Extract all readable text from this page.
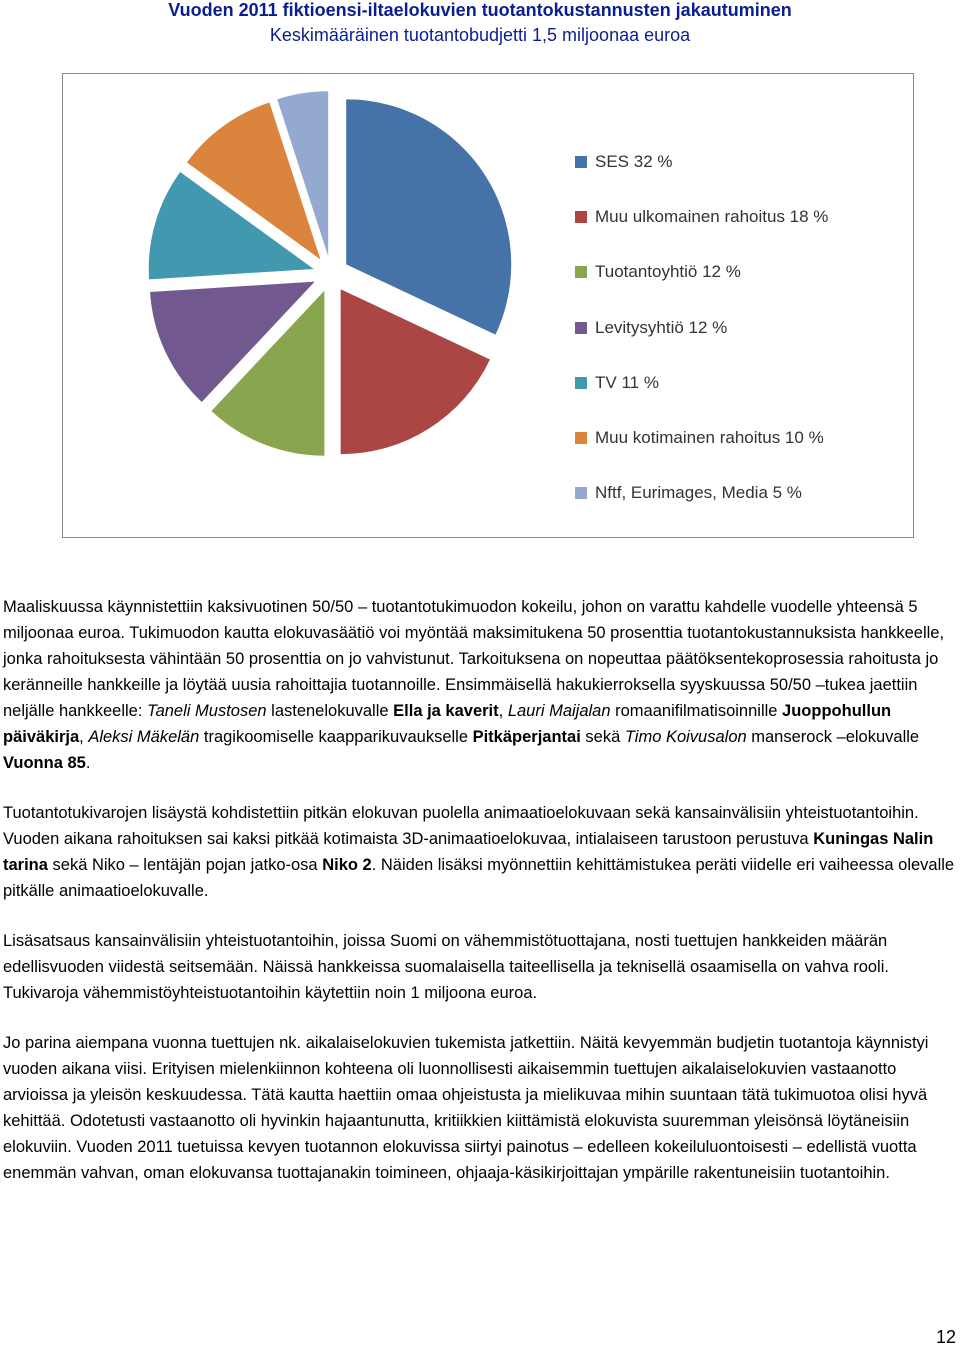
Vuoden 2011 fiktioensi-iltaelokuvien tuotantokustannusten jakautuminen
Keskimääräinen tuotantobudjetti 1,5 miljoonaa euroa
SES 32 %
Muu ulkomainen rahoitus 18 %
Tuotantoyhtiö 12 %
Levitysyhtiö 12 %
TV 11 %
Muu kotimainen rahoitus 10 %
Nftf, Eurimages, Media 5 %

Maaliskuussa käynnistettiin kaksivuotinen 50/50 – tuotantotukimuodon kokeilu, johon on varattu kahdelle vuodelle yhteensä 5 miljoonaa euroa. Tukimuodon kautta elokuvasäätiö voi myöntää maksimitukena 50 prosenttia tuotantokustannuksista hankkeelle, jonka rahoituksesta vähintään 50 prosenttia on jo vahvistunut. Tarkoituksena on nopeuttaa päätöksentekoprosessia rahoitusta jo keränneille hankkeille ja löytää uusia rahoittajia tuotannoille. Ensimmäisellä hakukierroksella syyskuussa 50/50 –tukea jaettiin neljälle hankkeelle: Taneli Mustosen lastenelokuvalle Ella ja kaverit, Lauri Maijalan romaanifilmatisoinnille Juoppohullun päiväkirja, Aleksi Mäkelän tragikoomiselle kaapparikuvaukselle Pitkäperjantai sekä Timo Koivusalon manserock –elokuvalle Vuonna 85.

Tuotantotukivarojen lisäystä kohdistettiin pitkän elokuvan puolella animaatioelokuvaan sekä kansainvälisiin yhteistuotantoihin. Vuoden aikana rahoituksen sai kaksi pitkää kotimaista 3D-animaatioelokuvaa, intialaiseen tarustoon perustuva Kuningas Nalin tarina sekä Niko – lentäjän pojan jatko-osa Niko 2. Näiden lisäksi myönnettiin kehittämistukea peräti viidelle eri vaiheessa olevalle pitkälle animaatioelokuvalle.

Lisäsatsaus kansainvälisiin yhteistuotantoihin, joissa Suomi on vähemmistötuottajana, nosti tuettujen hankkeiden määrän edellisvuoden viidestä seitsemään. Näissä hankkeissa suomalaisella taiteellisella ja teknisellä osaamisella on vahva rooli. Tukivaroja vähemmistöyhteistuotantoihin käytettiin noin 1 miljoona euroa.

Jo parina aiempana vuonna tuettujen nk. aikalaiselokuvien tukemista jatkettiin. Näitä kevyemmän budjetin tuotantoja käynnistyi vuoden aikana viisi. Erityisen mielenkiinnon kohteena oli luonnollisesti aikaisemmin tuettujen aikalaiselokuvien vastaanotto arvioissa ja yleisön keskuudessa. Tätä kautta haettiin omaa ohjeistusta ja mielikuvaa mihin suuntaan tätä tukimuotoa olisi hyvä kehittää. Odotetusti vastaanotto oli hyvinkin hajaantunutta, kritiikkien kiittämistä elokuvista suuremman yleisönsä löytäneisiin elokuviin. Vuoden 2011 tuetuissa kevyen tuotannon elokuvissa siirtyi painotus – edelleen kokeiluluontoisesti – edellistä vuotta enemmän vahvan, oman elokuvansa tuottajanakin toimineen, ohjaaja-käsikirjoittajan ympärille rakentuneisiin tuotantoihin.

12
